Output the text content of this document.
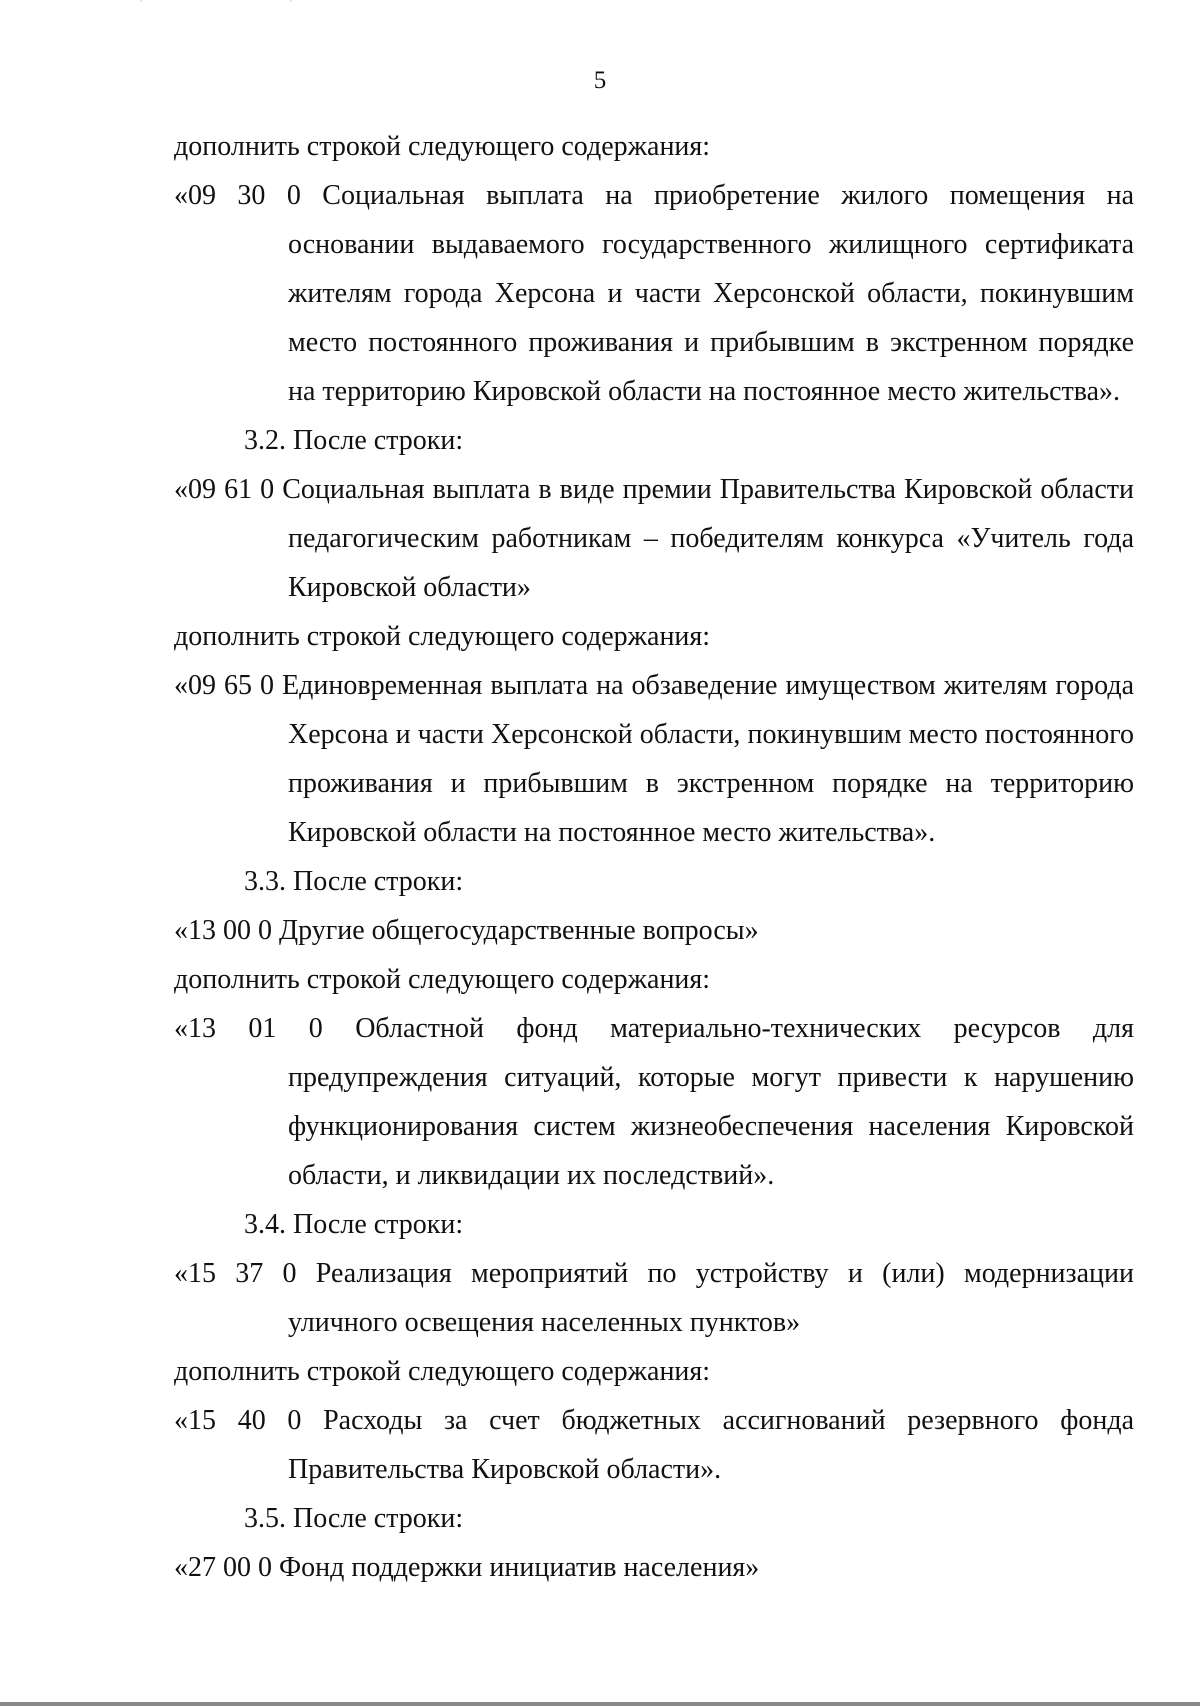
5

дополнить строкой следующего содержания:

«09 30 0 Социальная выплата на приобретение жилого помещения на основании выдаваемого государственного жилищного сертификата жителям города Херсона и части Херсонской области, покинувшим место постоянного проживания и прибывшим в экстренном порядке на территорию Кировской области на постоянное место жительства».

3.2. После строки:

«09 61 0 Социальная выплата в виде премии Правительства Кировской области педагогическим работникам – победителям конкурса «Учитель года Кировской области»

дополнить строкой следующего содержания:

«09 65 0 Единовременная выплата на обзаведение имуществом жителям города Херсона и части Херсонской области, покинувшим место постоянного проживания и прибывшим в экстренном порядке на территорию Кировской области на постоянное место жительства».

3.3. После строки:

«13 00 0 Другие общегосударственные вопросы»

дополнить строкой следующего содержания:

«13 01 0 Областной фонд материально-технических ресурсов для предупреждения ситуаций, которые могут привести к нарушению функционирования систем жизнеобеспечения населения Кировской области, и ликвидации их последствий».

3.4. После строки:

«15 37 0 Реализация мероприятий по устройству и (или) модернизации уличного освещения населенных пунктов»

дополнить строкой следующего содержания:

«15 40 0 Расходы за счет бюджетных ассигнований резервного фонда Правительства Кировской области».

3.5. После строки:

«27 00 0 Фонд поддержки инициатив населения»
